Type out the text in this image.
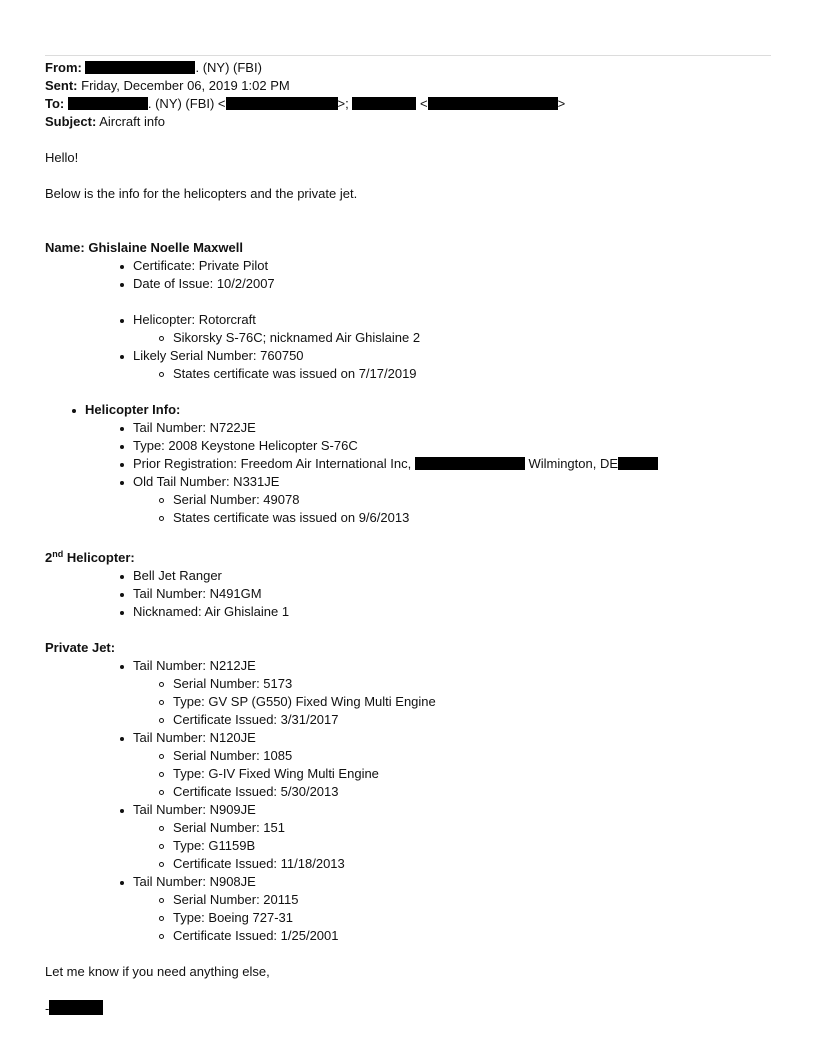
From:	. (NY) (FBI)
Sent: Friday, December 06, 2019 1:02 PM
To:	. (NY) (FBI) <	>;	<	>
Subject: Aircraft info
Hello!
Below is the info for the helicopters and the private jet.
Name: Ghislaine Noelle Maxwell
Certificate: Private Pilot
Date of Issue: 10/2/2007
Helicopter: Rotorcraft
Sikorsky S-76C; nicknamed Air Ghislaine 2
Likely Serial Number: 760750
States certificate was issued on 7/17/2019
Helicopter Info:
Tail Number: N722JE
Type: 2008 Keystone Helicopter S-76C
Prior Registration: Freedom Air International Inc,	Wilmington, DE
Old Tail Number: N331JE
Serial Number: 49078
States certificate was issued on 9/6/2013
2nd Helicopter:
Bell Jet Ranger
Tail Number: N491GM
Nicknamed: Air Ghislaine 1
Private Jet:
Tail Number: N212JE
Serial Number: 5173
Type: GV SP (G550) Fixed Wing Multi Engine
Certificate Issued: 3/31/2017
Tail Number: N120JE
Serial Number: 1085
Type: G-IV Fixed Wing Multi Engine
Certificate Issued: 5/30/2013
Tail Number: N909JE
Serial Number: 151
Type: G1159B
Certificate Issued: 11/18/2013
Tail Number: N908JE
Serial Number: 20115
Type: Boeing 727-31
Certificate Issued: 1/25/2001
Let me know if you need anything else,
-
